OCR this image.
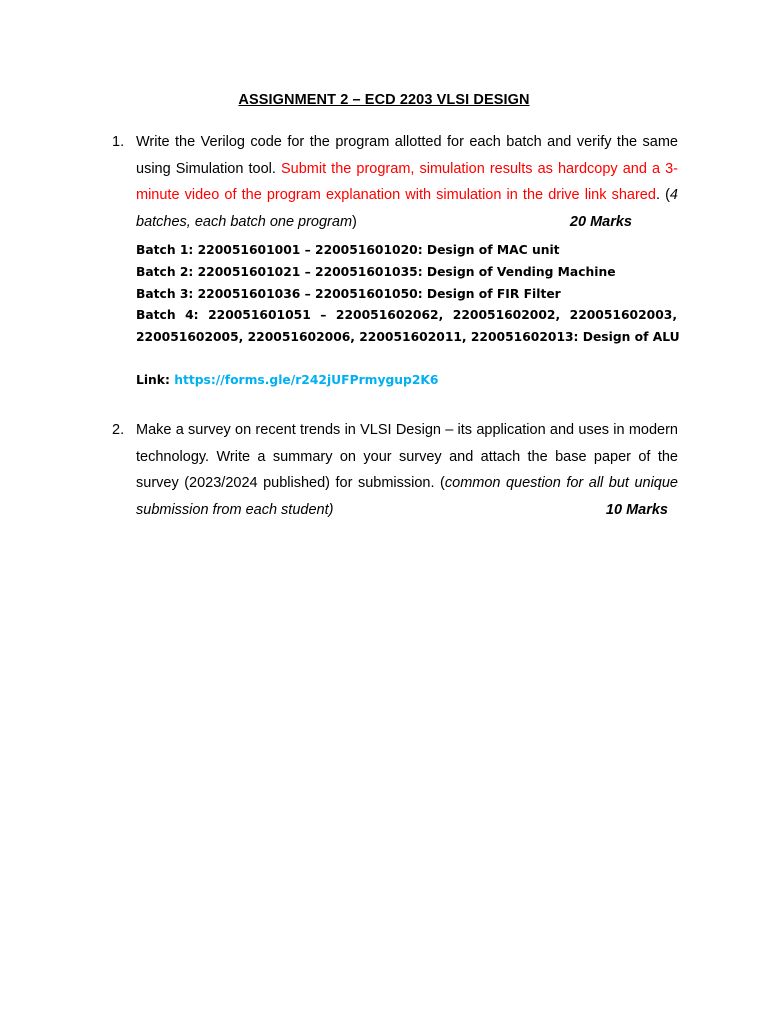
ASSIGNMENT 2 – ECD 2203 VLSI DESIGN
1. Write the Verilog code for the program allotted for each batch and verify the same using Simulation tool. Submit the program, simulation results as hardcopy and a 3-minute video of the program explanation with simulation in the drive link shared. (4 batches, each batch one program)	20 Marks
Batch 1: 220051601001 – 220051601020: Design of MAC unit
Batch 2: 220051601021 – 220051601035: Design of Vending Machine
Batch 3: 220051601036 – 220051601050: Design of FIR Filter
Batch 4: 220051601051 – 220051602062, 220051602002, 220051602003,
220051602005, 220051602006, 220051602011, 220051602013: Design of ALU
Link: https://forms.gle/r242jUFPrmygup2K6
2. Make a survey on recent trends in VLSI Design – its application and uses in modern technology. Write a summary on your survey and attach the base paper of the survey (2023/2024 published) for submission. (common question for all but unique submission from each student)	10 Marks
